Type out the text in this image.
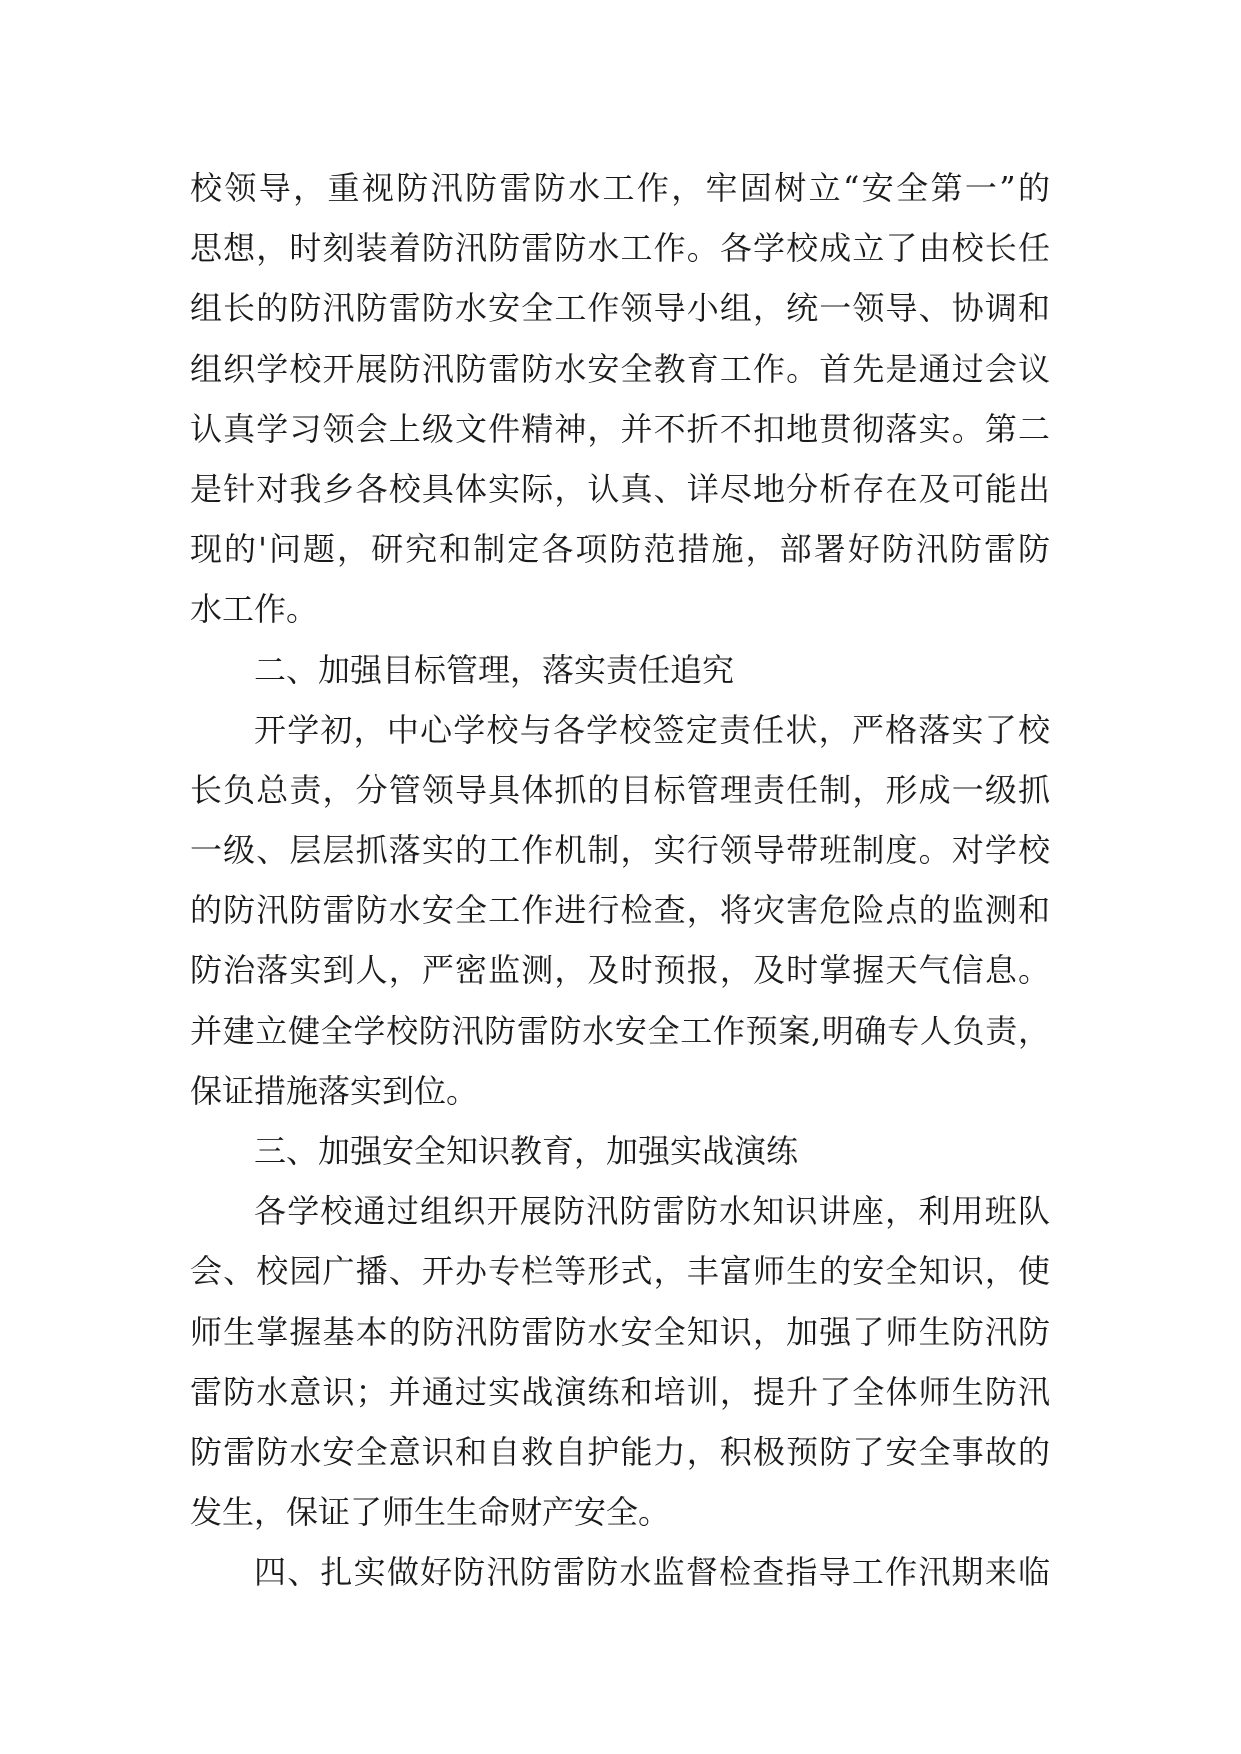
校领导，重视防汛防雷防水工作，牢固树立“安全第一”的
思想，时刻装着防汛防雷防水工作。各学校成立了由校长任
组长的防汛防雷防水安全工作领导小组，统一领导、协调和
组织学校开展防汛防雷防水安全教育工作。首先是通过会议
认真学习领会上级文件精神，并不折不扣地贯彻落实。第二
是针对我乡各校具体实际，认真、详尽地分析存在及可能出
现的'问题，研究和制定各项防范措施，部署好防汛防雷防
水工作。
二、加强目标管理，落实责任追究
开学初，中心学校与各学校签定责任状，严格落实了校
长负总责，分管领导具体抓的目标管理责任制，形成一级抓
一级、层层抓落实的工作机制，实行领导带班制度。对学校
的防汛防雷防水安全工作进行检查，将灾害危险点的监测和
防治落实到人，严密监测，及时预报，及时掌握天气信息。
并建立健全学校防汛防雷防水安全工作预案,明确专人负责，
保证措施落实到位。
三、加强安全知识教育，加强实战演练
各学校通过组织开展防汛防雷防水知识讲座，利用班队
会、校园广播、开办专栏等形式，丰富师生的安全知识，使
师生掌握基本的防汛防雷防水安全知识，加强了师生防汛防
雷防水意识；并通过实战演练和培训，提升了全体师生防汛
防雷防水安全意识和自救自护能力，积极预防了安全事故的
发生，保证了师生生命财产安全。
四、扎实做好防汛防雷防水监督检查指导工作汛期来临
